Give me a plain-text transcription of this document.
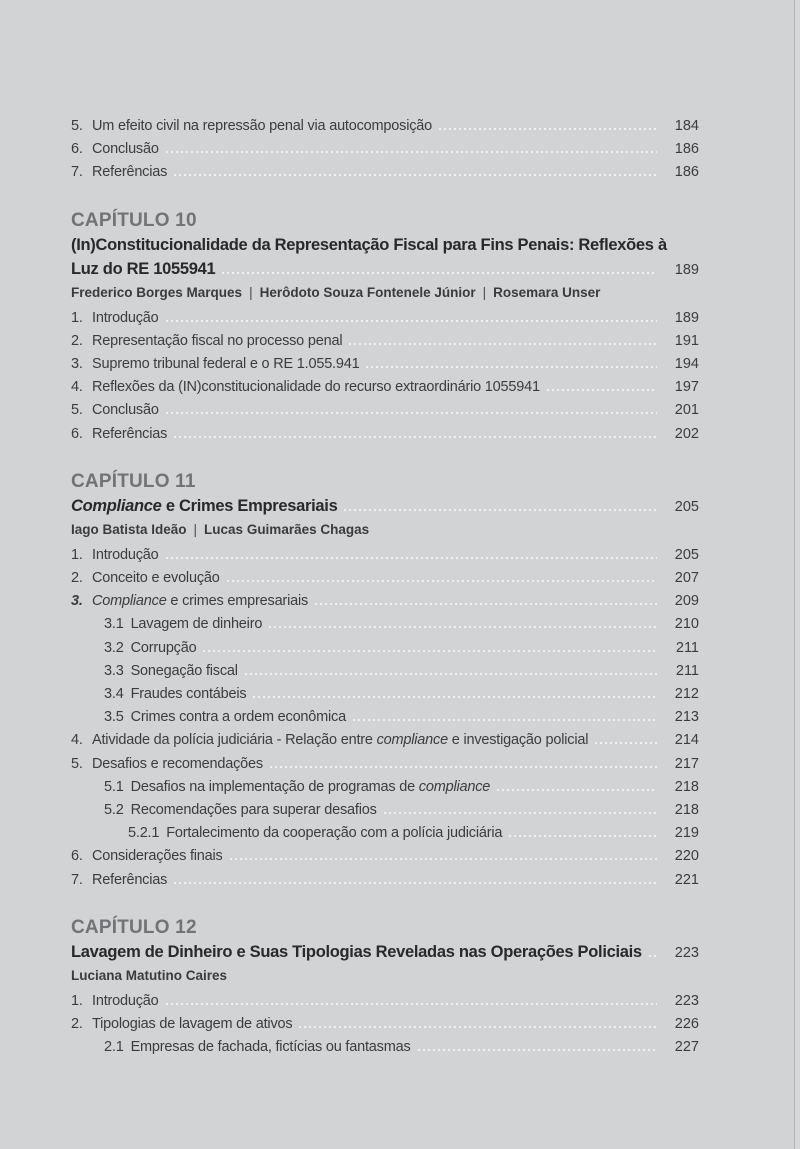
5. Um efeito civil na repressão penal via autocomposição	184
6. Conclusão	186
7. Referências	186
CAPÍTULO 10
(In)Constitucionalidade da Representação Fiscal para Fins Penais: Reflexões à
Luz do RE 1055941	189
Frederico Borges Marques | Herôdoto Souza Fontenele Júnior | Rosemara Unser
1. Introdução	189
2. Representação fiscal no processo penal	191
3. Supremo tribunal federal e o RE 1.055.941	194
4. Reflexões da (IN)constitucionalidade do recurso extraordinário 1055941	197
5. Conclusão	201
6. Referências	202
CAPÍTULO 11
Compliance e Crimes Empresariais	205
Iago Batista Ideão | Lucas Guimarães Chagas
1. Introdução	205
2. Conceito e evolução	207
3. Compliance e crimes empresariais	209
3.1 Lavagem de dinheiro	210
3.2 Corrupção	211
3.3 Sonegação fiscal	211
3.4 Fraudes contábeis	212
3.5 Crimes contra a ordem econômica	213
4. Atividade da polícia judiciária - Relação entre compliance e investigação policial	214
5. Desafios e recomendações	217
5.1 Desafios na implementação de programas de compliance	218
5.2 Recomendações para superar desafios	218
5.2.1 Fortalecimento da cooperação com a polícia judiciária	219
6. Considerações finais	220
7. Referências	221
CAPÍTULO 12
Lavagem de Dinheiro e Suas Tipologias Reveladas nas Operações Policiais 223
Luciana Matutino Caires
1. Introdução	223
2. Tipologias de lavagem de ativos	226
2.1 Empresas de fachada, fictícias ou fantasmas	227
